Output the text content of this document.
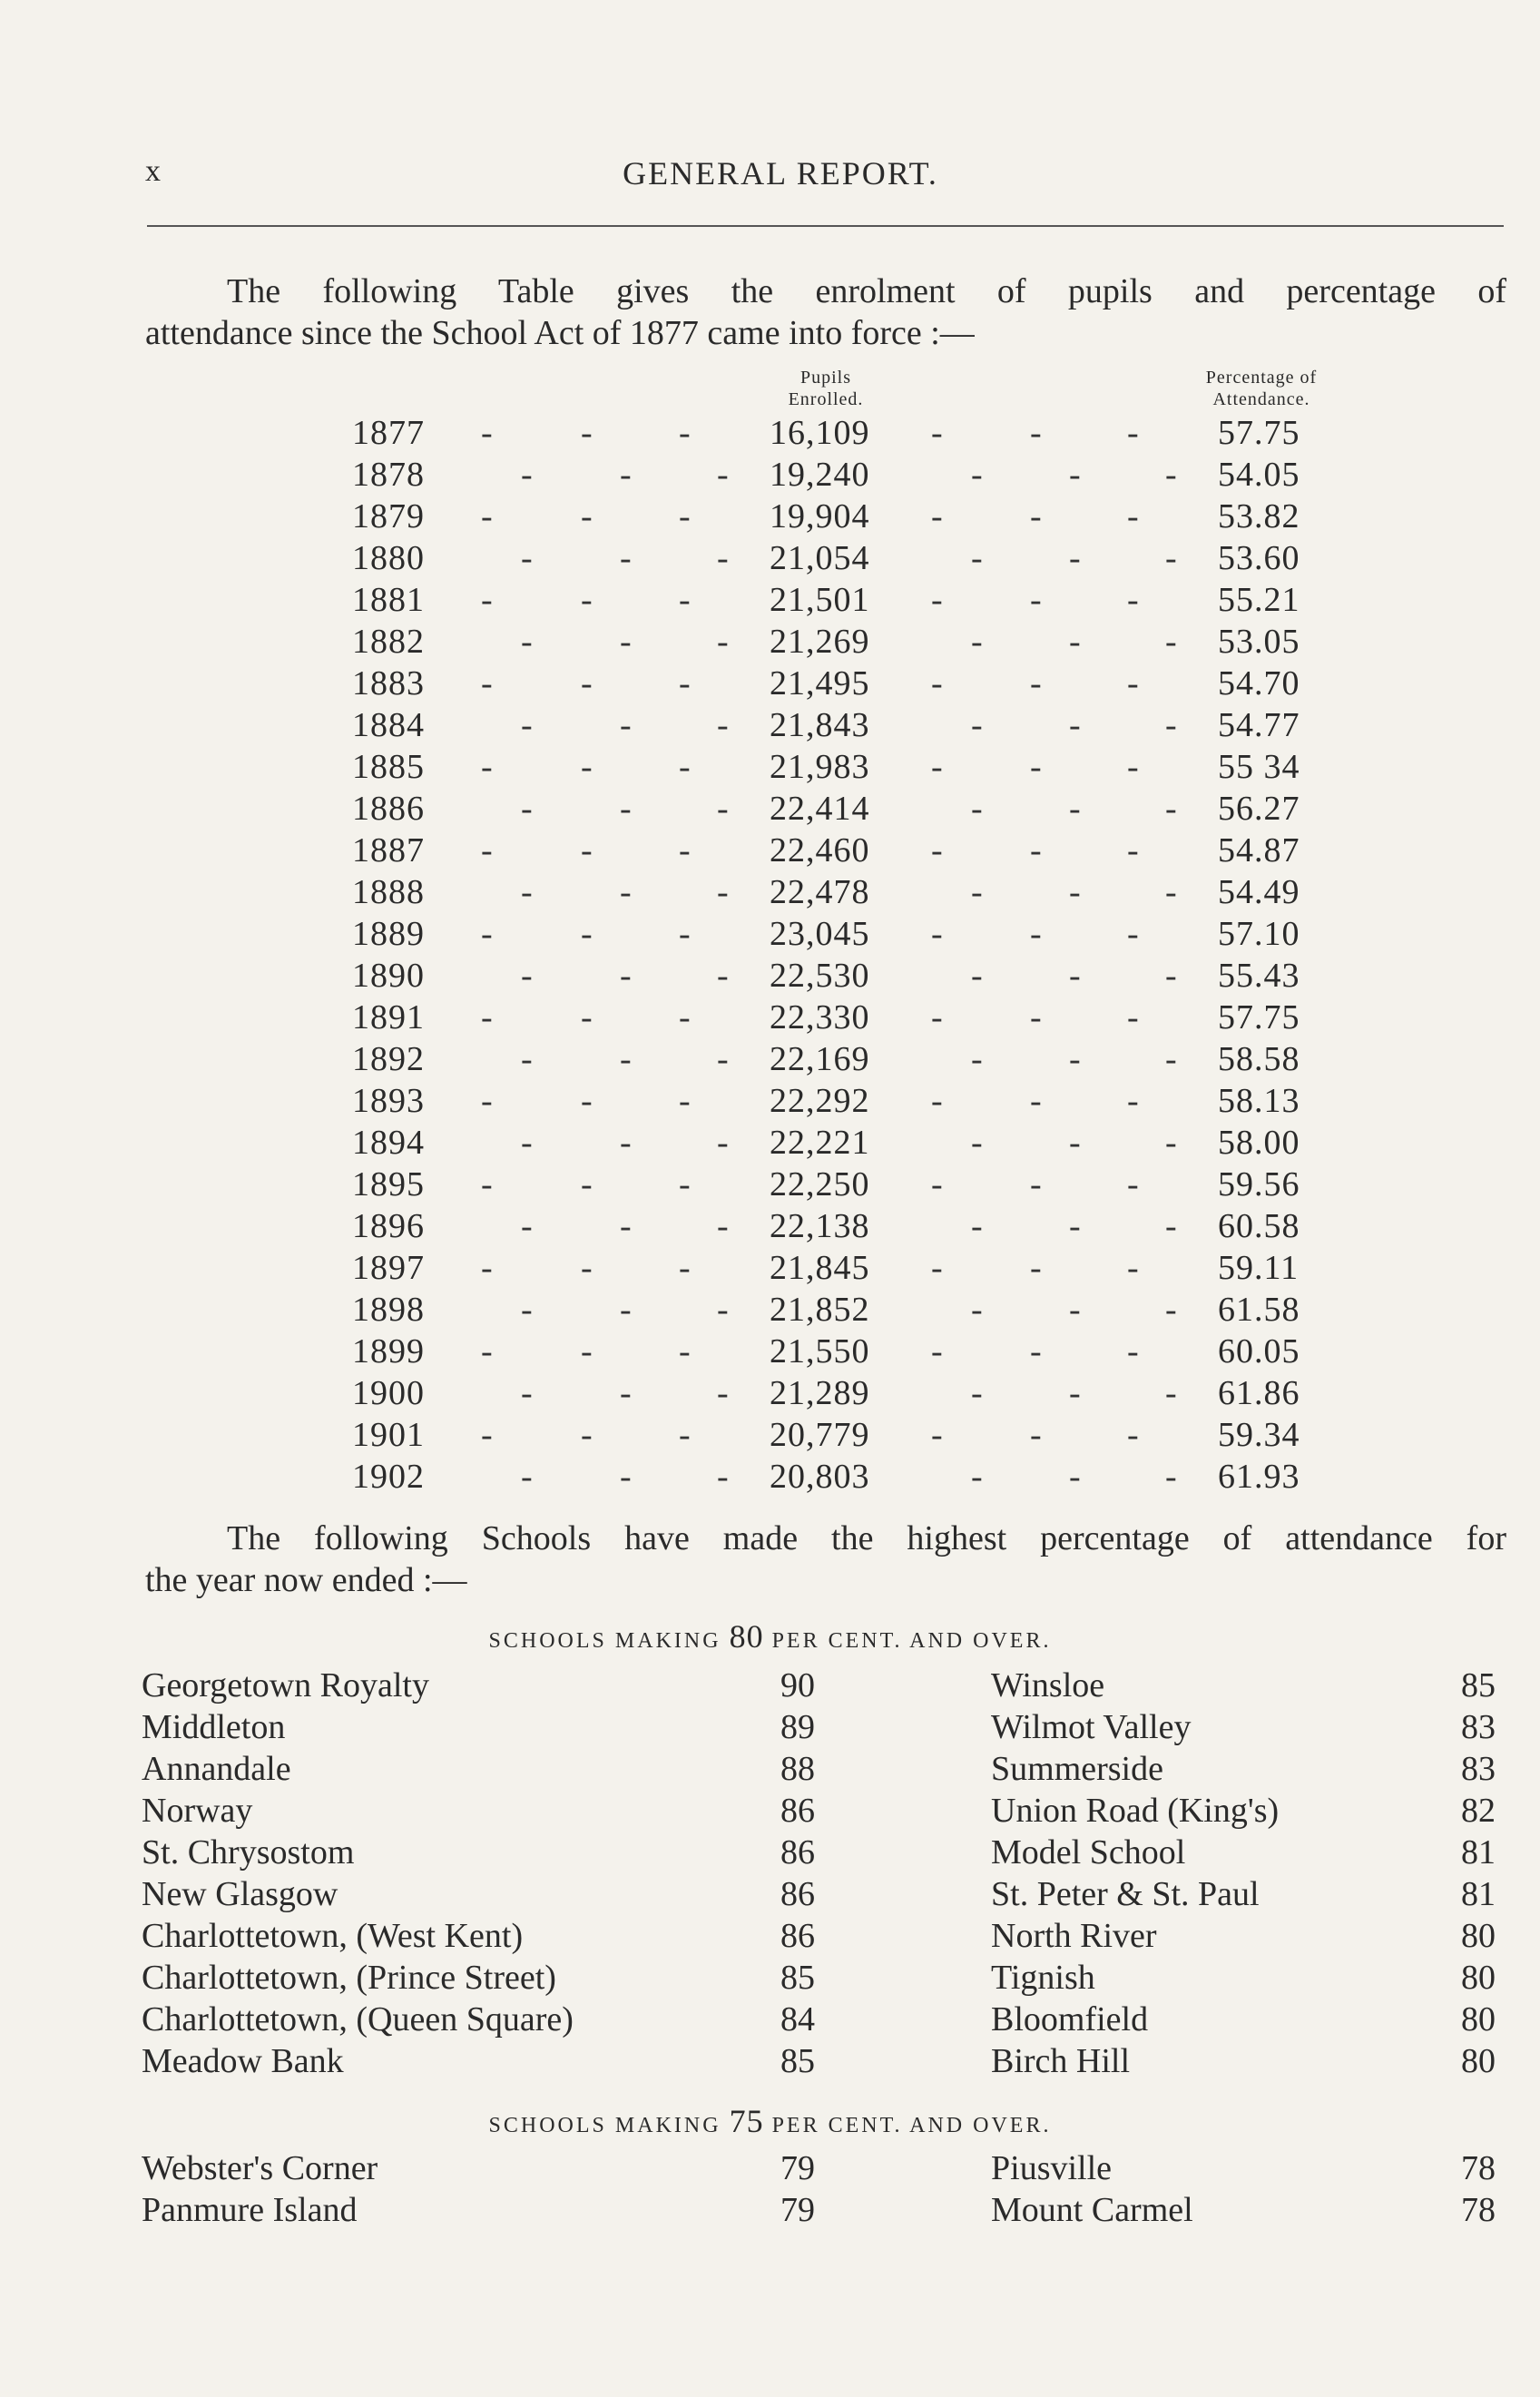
x	GENERAL REPORT.
The following Table gives the enrolment of pupils and percentage of
attendance since the School Act of 1877 came into force :—
Pupils
Enrolled.
Percentage of
Attendance.
1877 -	-	- 16,109 -	- - 57.75
1878	-	- - 19,240	-	- - 54.05
1879 -	-	- 19,904 -	- - 53.82
1880	-	- - 21,054	-	- - 53.60
1881 -	-	- 21,501 -	- - 55.21
1882	-	- - 21,269	-	- - 53.05
1883 -	-	- 21,495 -	- - 54.70
1884	-	- - 21,843	-	- - 54.77
1885 -	-	- 21,983 -	- - 55 34
1886	-	- - 22,414	-	- - 56.27
1887 -	-	- 22,460 -	- - 54.87
1888	-	- - 22,478	-	- - 54.49
1889 -	-	- 23,045 -	- - 57.10
1890	-	- - 22,530	-	- - 55.43
1891 -	-	- 22,330 -	- - 57.75
1892	-	- - 22,169	-	- - 58.58
1893 -	-	- 22,292 -	- - 58.13
1894	-	- - 22,221	-	- - 58.00
1895 -	-	- 22,250 -	- - 59.56
1896	-	- - 22,138	-	- - 60.58
1897 -	-	- 21,845 -	- - 59.11
1898	-	- - 21,852	-	- - 61.58
1899 -	-	- 21,550 -	- - 60.05
1900	-	- - 21,289	-	- - 61.86
1901 -	-	- 20,779 -	- - 59.34
1902	-	- - 20,803	-	- - 61.93
The following Schools have made the highest percentage of attendance for
the year now ended :—
SCHOOLS MAKING 80 PER CENT. AND OVER.
Georgetown Royalty	90	Winsloe	85
Middleton	89	Wilmot Valley	83
Annandale	88	Summerside	83
Norway	86	Union Road (King's)	82
St. Chrysostom	86	Model School	81
New Glasgow	86	St. Peter & St. Paul	81
Charlottetown, (West Kent)	86	North River	80
Charlottetown, (Prince Street)	85	Tignish	80
Charlottetown, (Queen Square)	84	Bloomfield	80
Meadow Bank	85	Birch Hill	80
SCHOOLS MAKING 75 PER CENT. AND OVER.
Webster's Corner	79	Piusville	78
Panmure Island	79	Mount Carmel	78
